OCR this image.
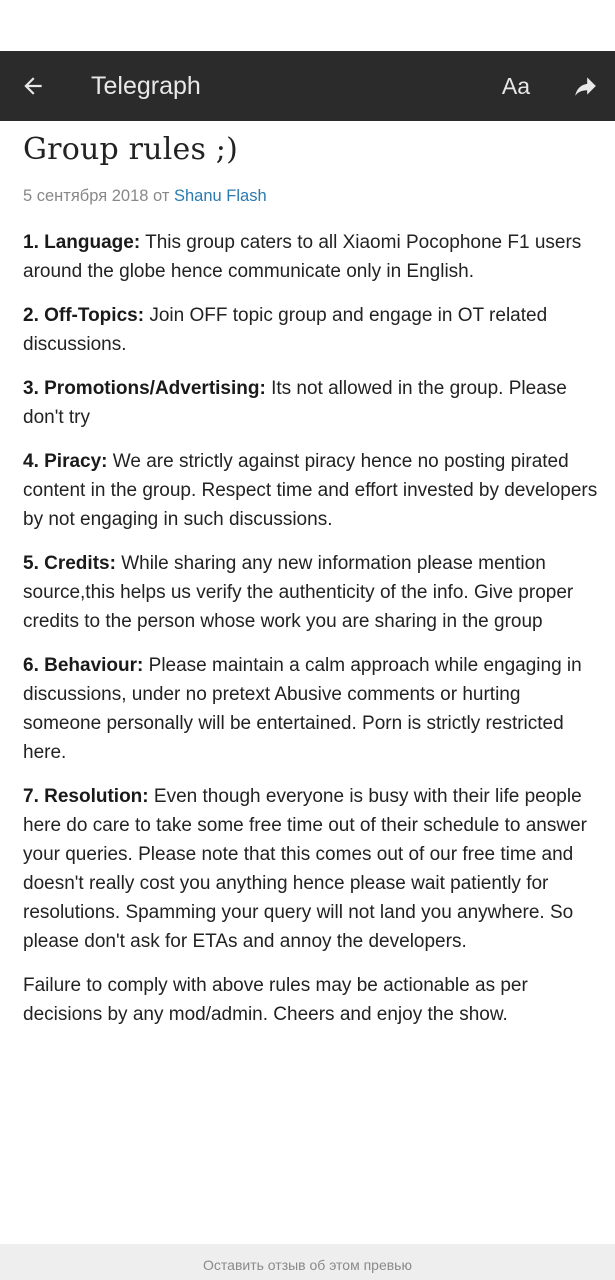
Telegraph	Aa
Group rules ;)
5 сентября 2018 от Shanu Flash

1. Language: This group caters to all Xiaomi Pocophone F1 users around the globe hence communicate only in English.

2. Off-Topics: Join OFF topic group and engage in OT related discussions.

3. Promotions/Advertising: Its not allowed in the group. Please don't try

4. Piracy: We are strictly against piracy hence no posting pirated content in the group. Respect time and effort invested by developers by not engaging in such discussions.

5. Credits: While sharing any new information please mention source,this helps us verify the authenticity of the info. Give proper credits to the person whose work you are sharing in the group

6. Behaviour: Please maintain a calm approach while engaging in discussions, under no pretext Abusive comments or hurting someone personally will be entertained. Porn is strictly restricted here.

7. Resolution: Even though everyone is busy with their life people here do care to take some free time out of their schedule to answer your queries. Please note that this comes out of our free time and doesn't really cost you anything hence please wait patiently for resolutions. Spamming your query will not land you anywhere. So please don't ask for ETAs and annoy the developers.

Failure to comply with above rules may be actionable as per decisions by any mod/admin. Cheers and enjoy the show.

Оставить отзыв об этом превью
